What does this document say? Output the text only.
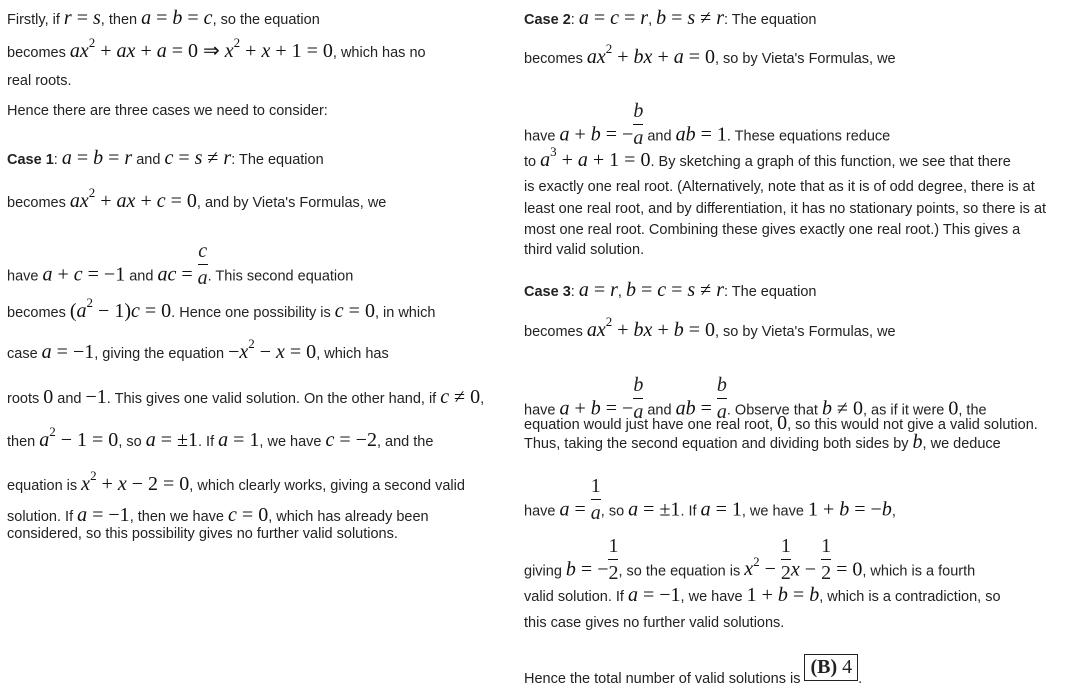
Firstly, if r = s, then a = b = c, so the equation
becomes $ax^2$ + ax + a = 0 ⇒ $x^2 + x + 1 = 0$, which has no
real roots.
Hence there are three cases we need to consider:
Case 1: a = b = r and c = s ≠ r: The equation
becomes $ax^2$ + ax + c = 0, and by Vieta's Formulas, we
have a + c = −1 and ac = $\frac{c}{a}$ . This second equation
becomes $(a^2 - 1)c = 0$. Hence one possibility is c = 0, in which
case a = −1, giving the equation $-x^2 - x = 0$, which has
roots 0 and −1. This gives one valid solution. On the other hand, if c ≠ 0,
then $a^2 - 1 = 0$, so a = ±1. If a = 1, we have c = −2, and the
equation is $x^2 + x - 2 = 0$, which clearly works, giving a second valid
solution. If a = −1, then we have c = 0, which has already been
considered, so this possibility gives no further valid solutions.
Case 2: a = c = r, b = s ≠ r: The equation
becomes $ax^2$ + bx + a = 0, so by Vieta's Formulas, we
have a + b = − $\frac{b}{a}$ and ab = 1. These equations reduce
to $a^3 + a + 1 = 0$. By sketching a graph of this function, we see that there
is exactly one real root. (Alternatively, note that as it is of odd degree, there is at
least one real root, and by differentiation, it has no stationary points, so there is at
most one real root. Combining these gives exactly one real root.) This gives a
third valid solution.
Case 3: a = r, b = c = s ≠ r: The equation
becomes $ax^2$ + bx + b = 0, so by Vieta's Formulas, we
have a + b = − $\frac{b}{a}$ and ab = $\frac{b}{a}$ . Observe that b ≠ 0, as if it were 0, the
equation would just have one real root, 0, so this would not give a valid solution.
Thus, taking the second equation and dividing both sides by b, we deduce
have $a = \frac{1}{a}$ , so a = ±1. If a = 1, we have 1 + b = −b,
giving b = − $\frac{1}{2}$ , so the equation is $x^2 - \frac{1}{2}$ $x - \frac{1}{2} = 0$, which is a fourth
valid solution. If a = −1, we have 1 + b = b, which is a contradiction, so
this case gives no further valid solutions.
Hence the total number of valid solutions is (B) 4.
